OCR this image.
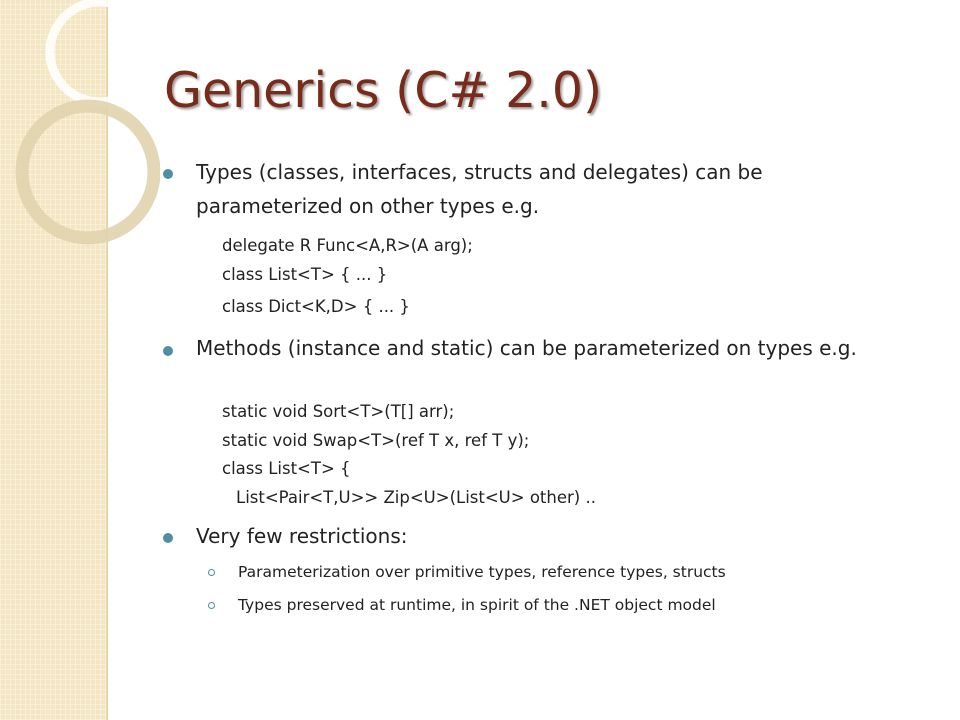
Generics (C# 2.0)
Types (classes, interfaces, structs and delegates) can be
parameterized on other types e.g.
delegate R Func<A,R>(A arg);
class List<T> { ... }
class Dict<K,D> { ... }
Methods (instance and static) can be parameterized on types e.g.
static void Sort<T>(T[] arr);
static void Swap<T>(ref T x, ref T y);
class List<T> {
List<Pair<T,U>> Zip<U>(List<U> other) ..
Very few restrictions:
Parameterization over primitive types, reference types, structs
Types preserved at runtime, in spirit of the .NET object model
